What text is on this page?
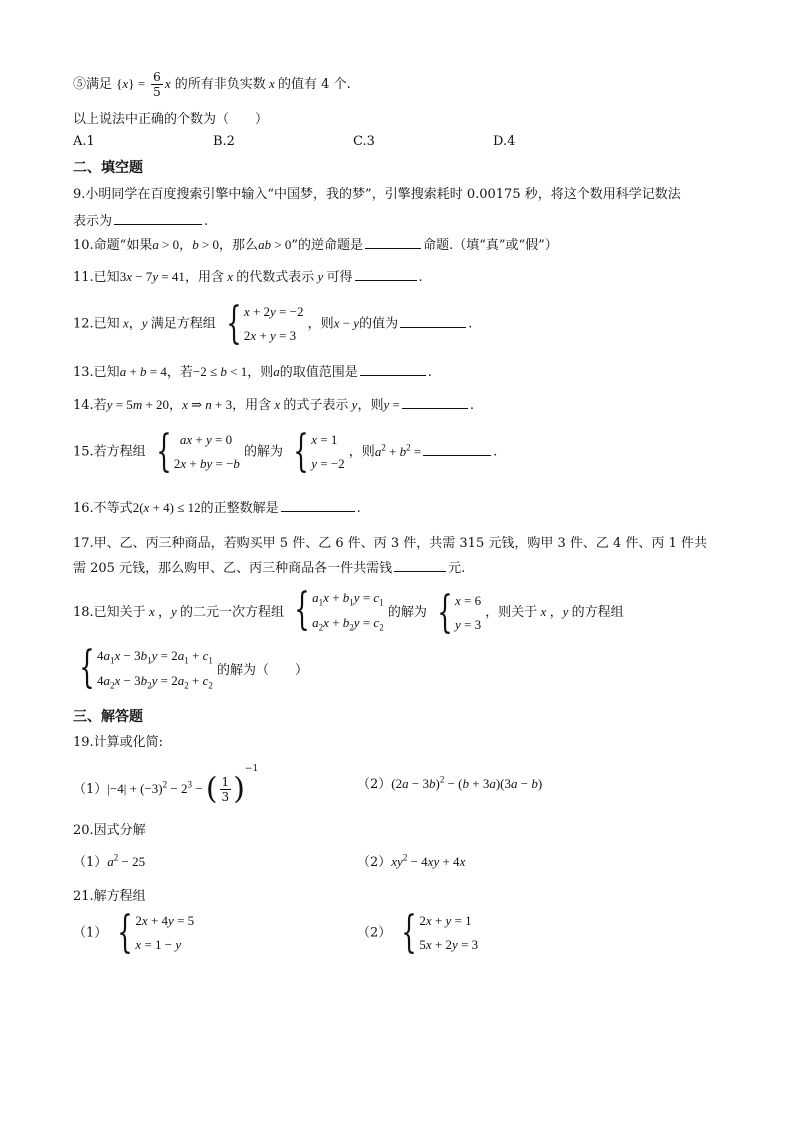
⑤满足 $\{x\} = \frac{6}{5}$ x 的所有非负实数 x 的值有 4 个.
以上说法中正确的个数为（　　）
A.1	B.2	C.3	D.4
二、填空题
9.小明同学在百度搜索引擎中输入“中国梦，我的梦”，引擎搜索耗时 0.00175 秒，将这个数用科学记数法
表示为	.
10.命题“如果a > 0，b > 0，那么ab > 0”的逆命题是	命题.（填“真”或“假”）
11.已知3x − 7y = 41，用含 x 的代数式表示 y 可得	.
12.已知 x，y 满足方程组 { x + 2y = −2
2x + y = 3
，则x − y的值为	.
13.已知a + b = 4，若−2 ≤ b < 1，则a的取值范围是	.
14.若y = 5m + 20，x ⇒ n + 3，用含 x 的式子表示 y，则y =	.
15.若方程组 { ax + y = 0
2x + by = −b
的解为 { x = 1
y = −2
，则$a^2 + b^2$ =	.
16.不等式2(x + 4) ≤ 12的正整数解是	.
17.甲、乙、丙三种商品，若购买甲 5 件、乙 6 件、丙 3 件，共需 315 元钱，购甲 3 件、乙 4 件、丙 1 件共
需 205 元钱，那么购甲、乙、丙三种商品各一件共需钱	元.
18.已知关于 x ，y 的二元一次方程组 { $a_1x + b_1y = c_1$
$a_2x + b_2y = c_2$
的解为 { x = 6
y = 3
，则关于 x ，y 的方程组
{ $4a_1x - 3b_1y = 2a_1 + c_1$
$4a_2x - 3b_2y = 2a_2 + c_2$
的解为（　　）
三、解答题
19.计算或化简:
$(1)|-4| + (-3)^2 - 2^3$ − ( $\frac{1}{3} )^{-1}$
$(2)(2a - 3b)^2 - (b + 3a)(3a - b)$
20.因式分解
$(1)a^2 - 25$	$(2)xy^2 - 4xy + 4x$
21.解方程组
（1） { 2x + 4y = 5
x = 1 − y
（2） { 2x + y = 1
5x + 2y = 3
